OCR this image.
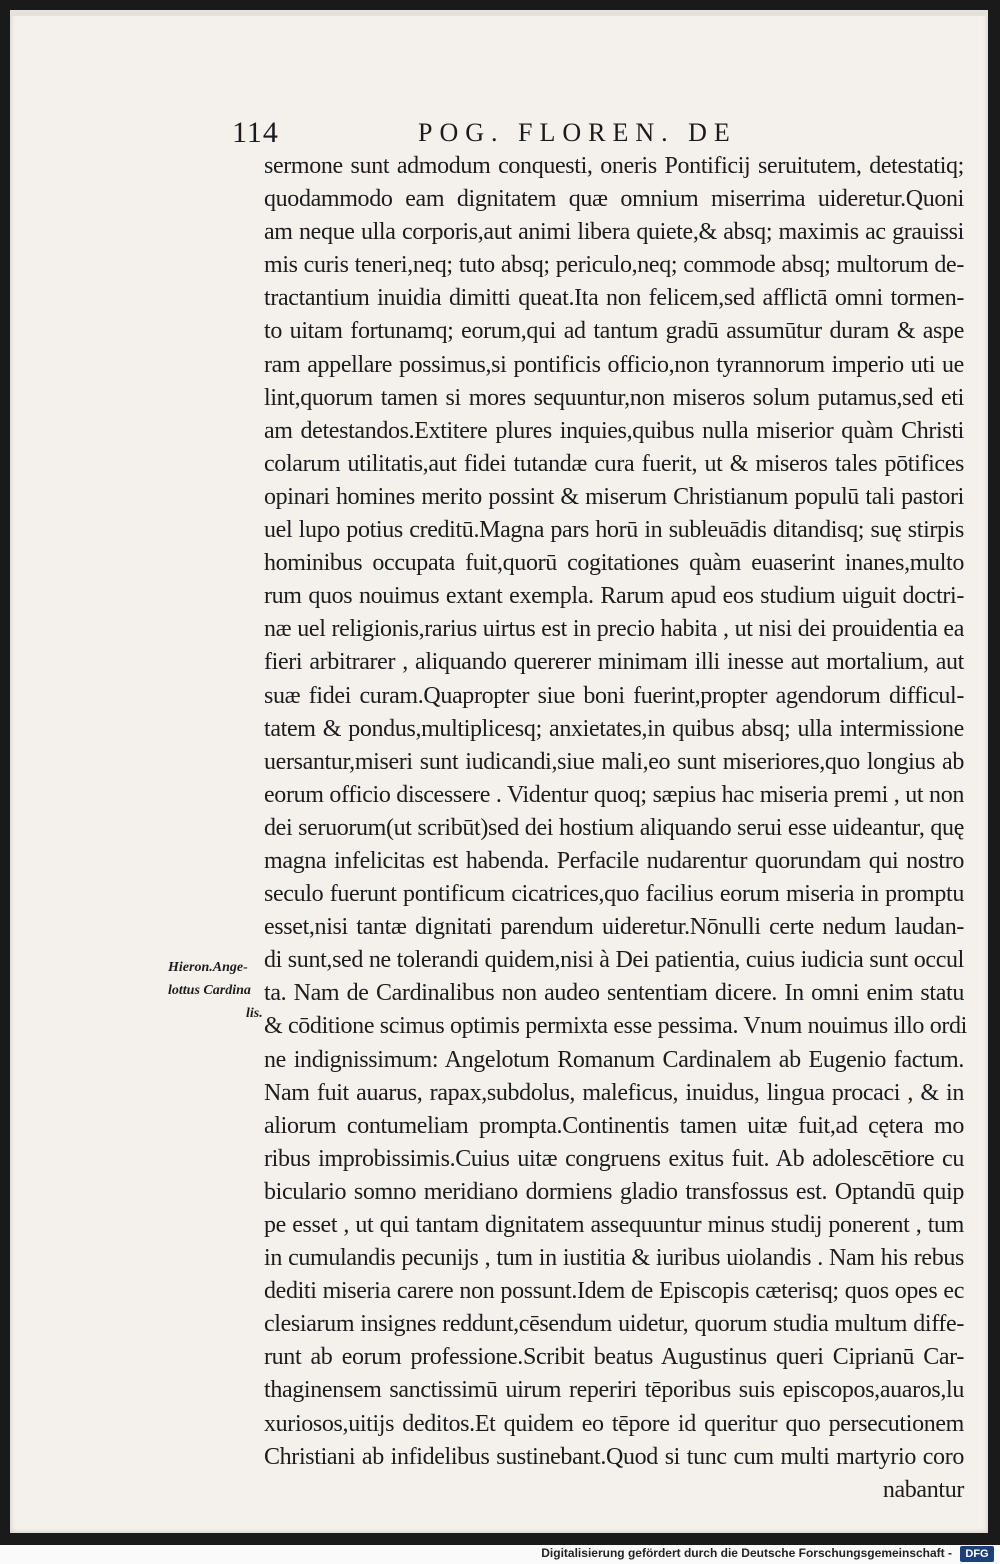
114	POG. FLOREN. DE
Hieron.Ange-
lottus Cardina
lis.
sermone sunt admodum conquesti, oneris Pontificij seruitutem, detestatiq;
quodammodo eam dignitatem quæ omnium miserrima uideretur.Quoni
am neque ulla corporis,aut animi libera quiete,& absq; maximis ac grauissi
mis curis teneri,neq; tuto absq; periculo,neq; commode absq; multorum de-
tractantium inuidia dimitti queat.Ita non felicem,sed afflictā omni tormen-
to uitam fortunamq; eorum,qui ad tantum gradū assumūtur duram & aspe
ram appellare possimus,si pontificis officio,non tyrannorum imperio uti ue
lint,quorum tamen si mores sequuntur,non miseros solum putamus,sed eti
am detestandos.Extitere plures inquies,quibus nulla miserior quàm Christi
colarum utilitatis,aut fidei tutandæ cura fuerit, ut & miseros tales pōtifices
opinari homines merito possint & miserum Christianum populū tali pastori
uel lupo potius creditū.Magna pars horū in subleuādis ditandisq; suę stirpis
hominibus occupata fuit,quorū cogitationes quàm euaserint inanes,multo
rum quos nouimus extant exempla. Rarum apud eos studium uiguit doctri-
næ uel religionis,rarius uirtus est in precio habita , ut nisi dei prouidentia ea
fieri arbitrarer , aliquando quererer minimam illi inesse aut mortalium, aut
suæ fidei curam.Quapropter siue boni fuerint,propter agendorum difficul-
tatem & pondus,multiplicesq; anxietates,in quibus absq; ulla intermissione
uersantur,miseri sunt iudicandi,siue mali,eo sunt miseriores,quo longius ab
eorum officio discessere . Videntur quoq; sæpius hac miseria premi , ut non
dei seruorum(ut scribūt)sed dei hostium aliquando serui esse uideantur, quę
magna infelicitas est habenda. Perfacile nudarentur quorundam qui nostro
seculo fuerunt pontificum cicatrices,quo facilius eorum miseria in promptu
esset,nisi tantæ dignitati parendum uideretur.Nōnulli certe nedum laudan-
di sunt,sed ne tolerandi quidem,nisi à Dei patientia, cuius iudicia sunt occul
ta. Nam de Cardinalibus non audeo sententiam dicere. In omni enim statu
& cōditione scimus optimis permixta esse pessima. Vnum nouimus illo ordi
ne indignissimum: Angelotum Romanum Cardinalem ab Eugenio factum.
Nam fuit auarus, rapax,subdolus, maleficus, inuidus, lingua procaci , & in
aliorum contumeliam prompta.Continentis tamen uitæ fuit,ad cętera mo
ribus improbissimis.Cuius uitæ congruens exitus fuit. Ab adolescētiore cu
biculario somno meridiano dormiens gladio transfossus est. Optandū quip
pe esset , ut qui tantam dignitatem assequuntur minus studij ponerent , tum
in cumulandis pecunijs , tum in iustitia & iuribus uiolandis . Nam his rebus
dediti miseria carere non possunt.Idem de Episcopis cæterisq; quos opes ec
clesiarum insignes reddunt,cēsendum uidetur, quorum studia multum diffe-
runt ab eorum professione.Scribit beatus Augustinus queri Ciprianū Car-
thaginensem sanctissimū uirum reperiri tēporibus suis episcopos,auaros,lu
xuriosos,uitijs deditos.Et quidem eo tēpore id queritur quo persecutionem
Christiani ab infidelibus sustinebant.Quod si tunc cum multi martyrio coro
nabantur
Digitalisierung gefördert durch die Deutsche Forschungsgemeinschaft -	DFG
